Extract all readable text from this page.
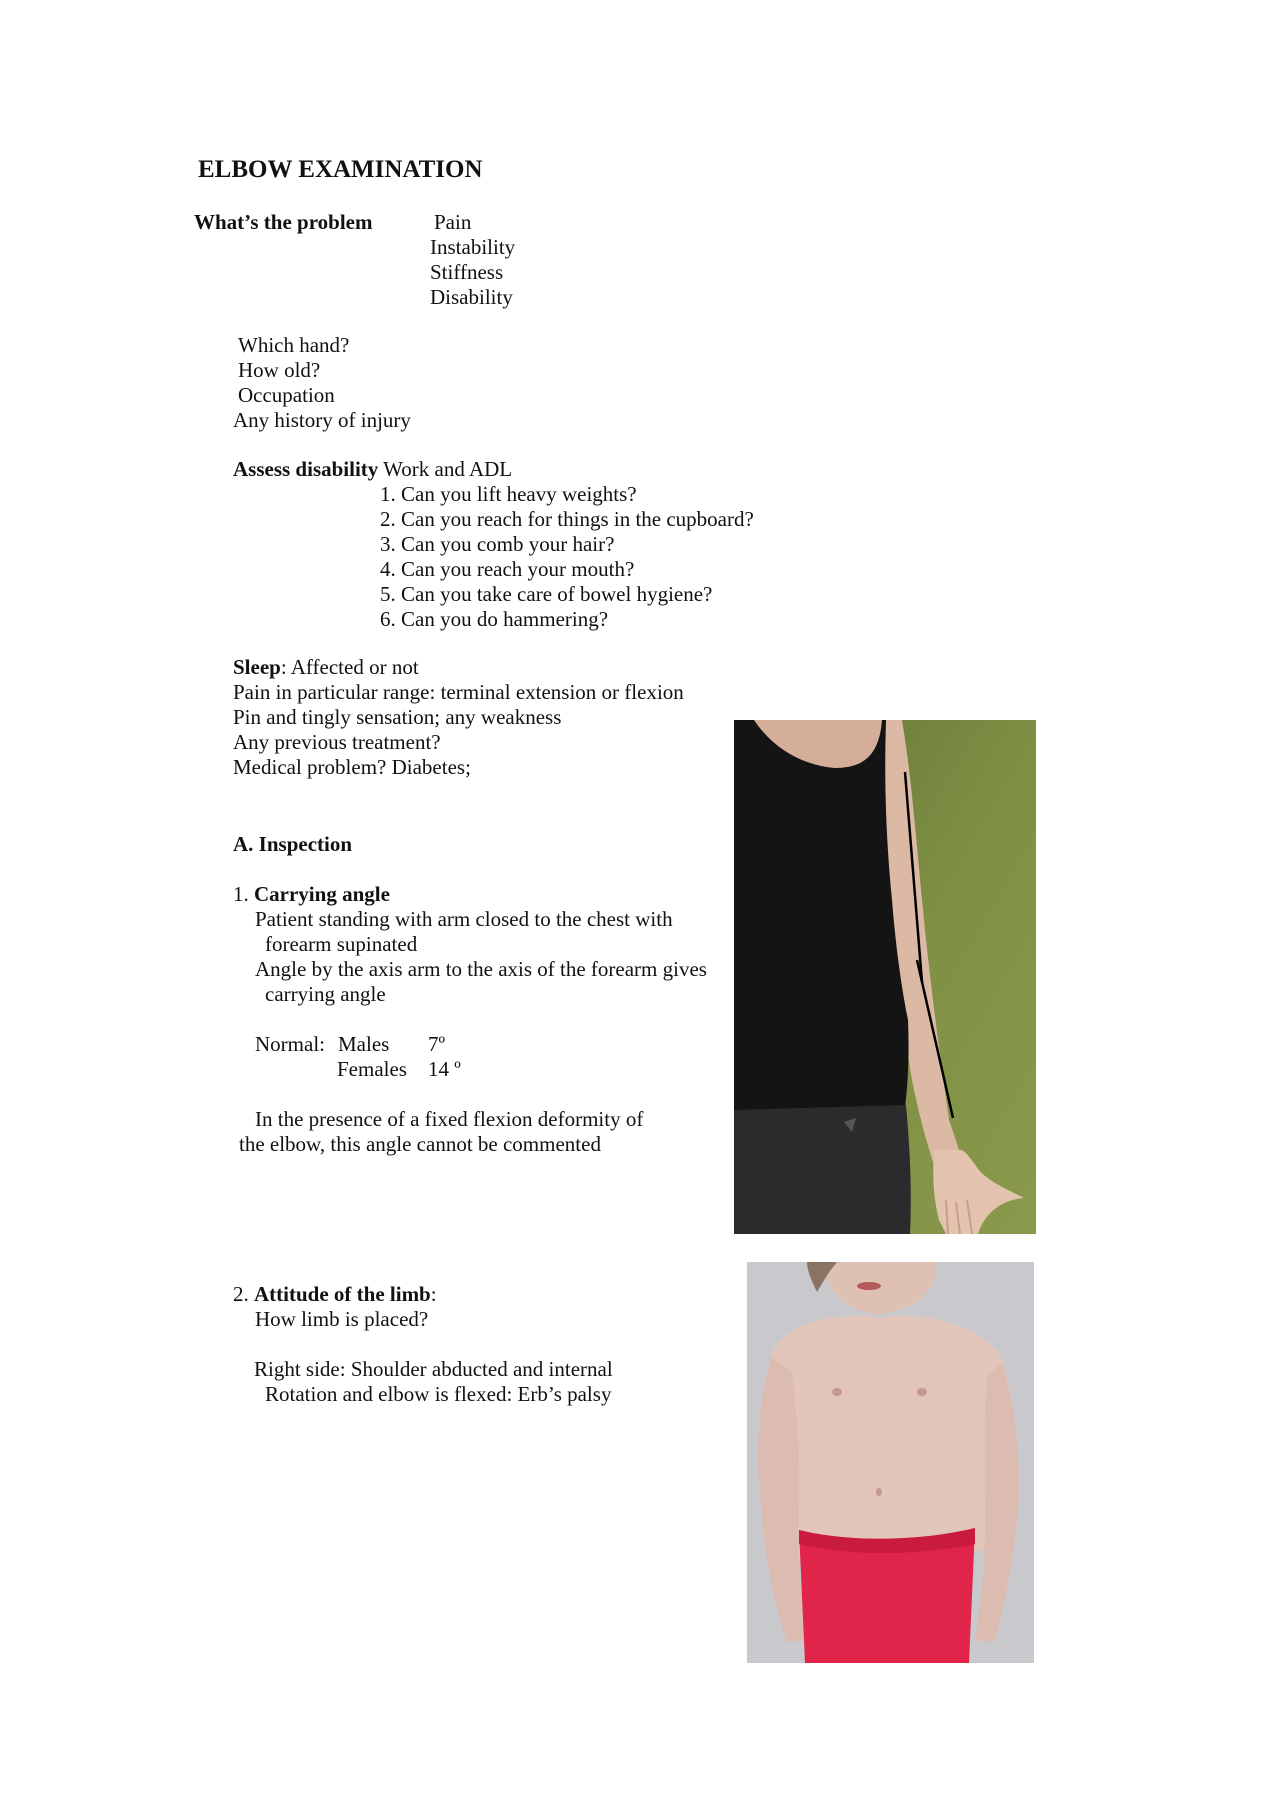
ELBOW EXAMINATION
What’s the problem	Pain
Instability
Stiffness
Disability
Which hand?
How old?
Occupation
Any history of injury
Assess disability Work and ADL
1. Can you lift heavy weights?
2. Can you reach for things in the cupboard?
3. Can you comb your hair?
4. Can you reach your mouth?
5. Can you take care of bowel hygiene?
6. Can you do hammering?
Sleep: Affected or not
Pain in particular range: terminal extension or flexion
Pin and tingly sensation; any weakness
Any previous treatment?
Medical problem? Diabetes;
A. Inspection
1. Carrying angle
Patient standing with arm closed to the chest with
forearm supinated
Angle by the axis arm to the axis of the forearm gives
carrying angle
Normal: Males 7º
Females 14 º
In the presence of a fixed flexion deformity of
the elbow, this angle cannot be commented
2. Attitude of the limb:
How limb is placed?
Right side: Shoulder abducted and internal
Rotation and elbow is flexed: Erb’s palsy
